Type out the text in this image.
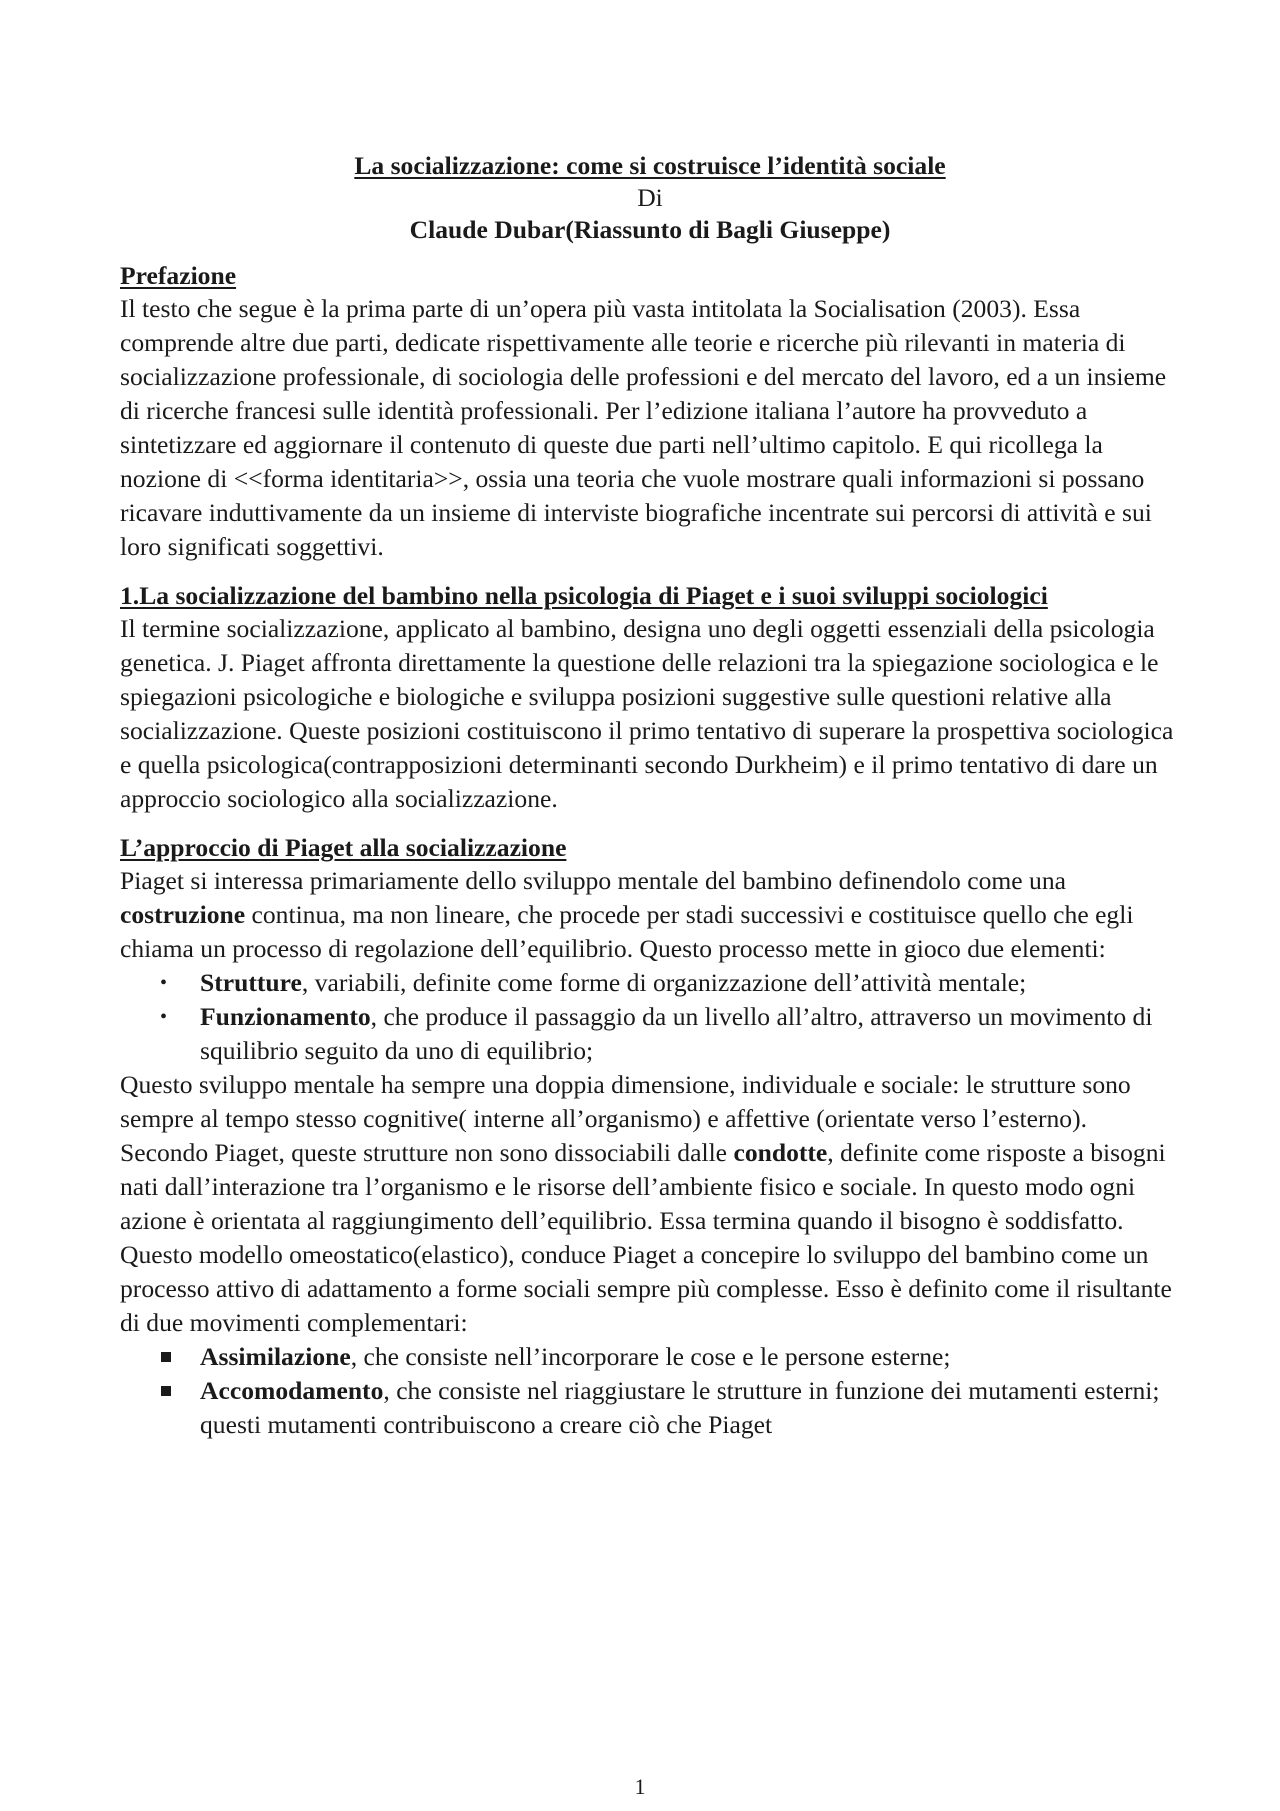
La socializzazione: come si costruisce l’identità sociale
Di
Claude Dubar(Riassunto di Bagli Giuseppe)
Prefazione

Il testo che segue è la prima parte di un’opera più vasta intitolata la Socialisation (2003). Essa comprende altre due parti, dedicate rispettivamente alle teorie e ricerche più rilevanti in materia di socializzazione professionale, di sociologia delle professioni e del mercato del lavoro, ed a un insieme di ricerche francesi sulle identità professionali. Per l’edizione italiana l’autore ha provveduto a sintetizzare ed aggiornare il contenuto di queste due parti nell’ultimo capitolo. E qui ricollega la nozione di <<forma identitaria>>, ossia una teoria che vuole mostrare quali informazioni si possano ricavare induttivamente da un insieme di interviste biografiche incentrate sui percorsi di attività e sui loro significati soggettivi.

1.La socializzazione del bambino nella psicologia di Piaget e i suoi sviluppi sociologici

Il termine socializzazione, applicato al bambino, designa uno degli oggetti essenziali della psicologia genetica. J. Piaget affronta direttamente la questione delle relazioni tra la spiegazione sociologica e le spiegazioni psicologiche e biologiche e sviluppa posizioni suggestive sulle questioni relative alla socializzazione. Queste posizioni costituiscono il primo tentativo di superare la prospettiva sociologica e quella psicologica(contrapposizioni determinanti secondo Durkheim) e il primo tentativo di dare un approccio sociologico alla socializzazione.

L’approccio di Piaget alla socializzazione

Piaget si interessa primariamente dello sviluppo mentale del bambino definendolo come una costruzione continua, ma non lineare, che procede per stadi successivi e costituisce quello che egli chiama un processo di regolazione dell’equilibrio. Questo processo mette in gioco due elementi:

• Strutture, variabili, definite come forme di organizzazione dell’attività mentale;
• Funzionamento, che produce il passaggio da un livello all’altro, attraverso un movimento di squilibrio seguito da uno di equilibrio;

Questo sviluppo mentale ha sempre una doppia dimensione, individuale e sociale: le strutture sono sempre al tempo stesso cognitive( interne all’organismo) e affettive (orientate verso l’esterno). Secondo Piaget, queste strutture non sono dissociabili dalle condotte, definite come risposte a bisogni nati dall’interazione tra l’organismo e le risorse dell’ambiente fisico e sociale. In questo modo ogni azione è orientata al raggiungimento dell’equilibrio. Essa termina quando il bisogno è soddisfatto. Questo modello omeostatico(elastico), conduce Piaget a concepire lo sviluppo del bambino come un processo attivo di adattamento a forme sociali sempre più complesse. Esso è definito come il risultante di due movimenti complementari:

Assimilazione, che consiste nell’incorporare le cose e le persone esterne;
Accomodamento, che consiste nel riaggiustare le strutture in funzione dei mutamenti esterni; questi mutamenti contribuiscono a creare ciò che Piaget
1
